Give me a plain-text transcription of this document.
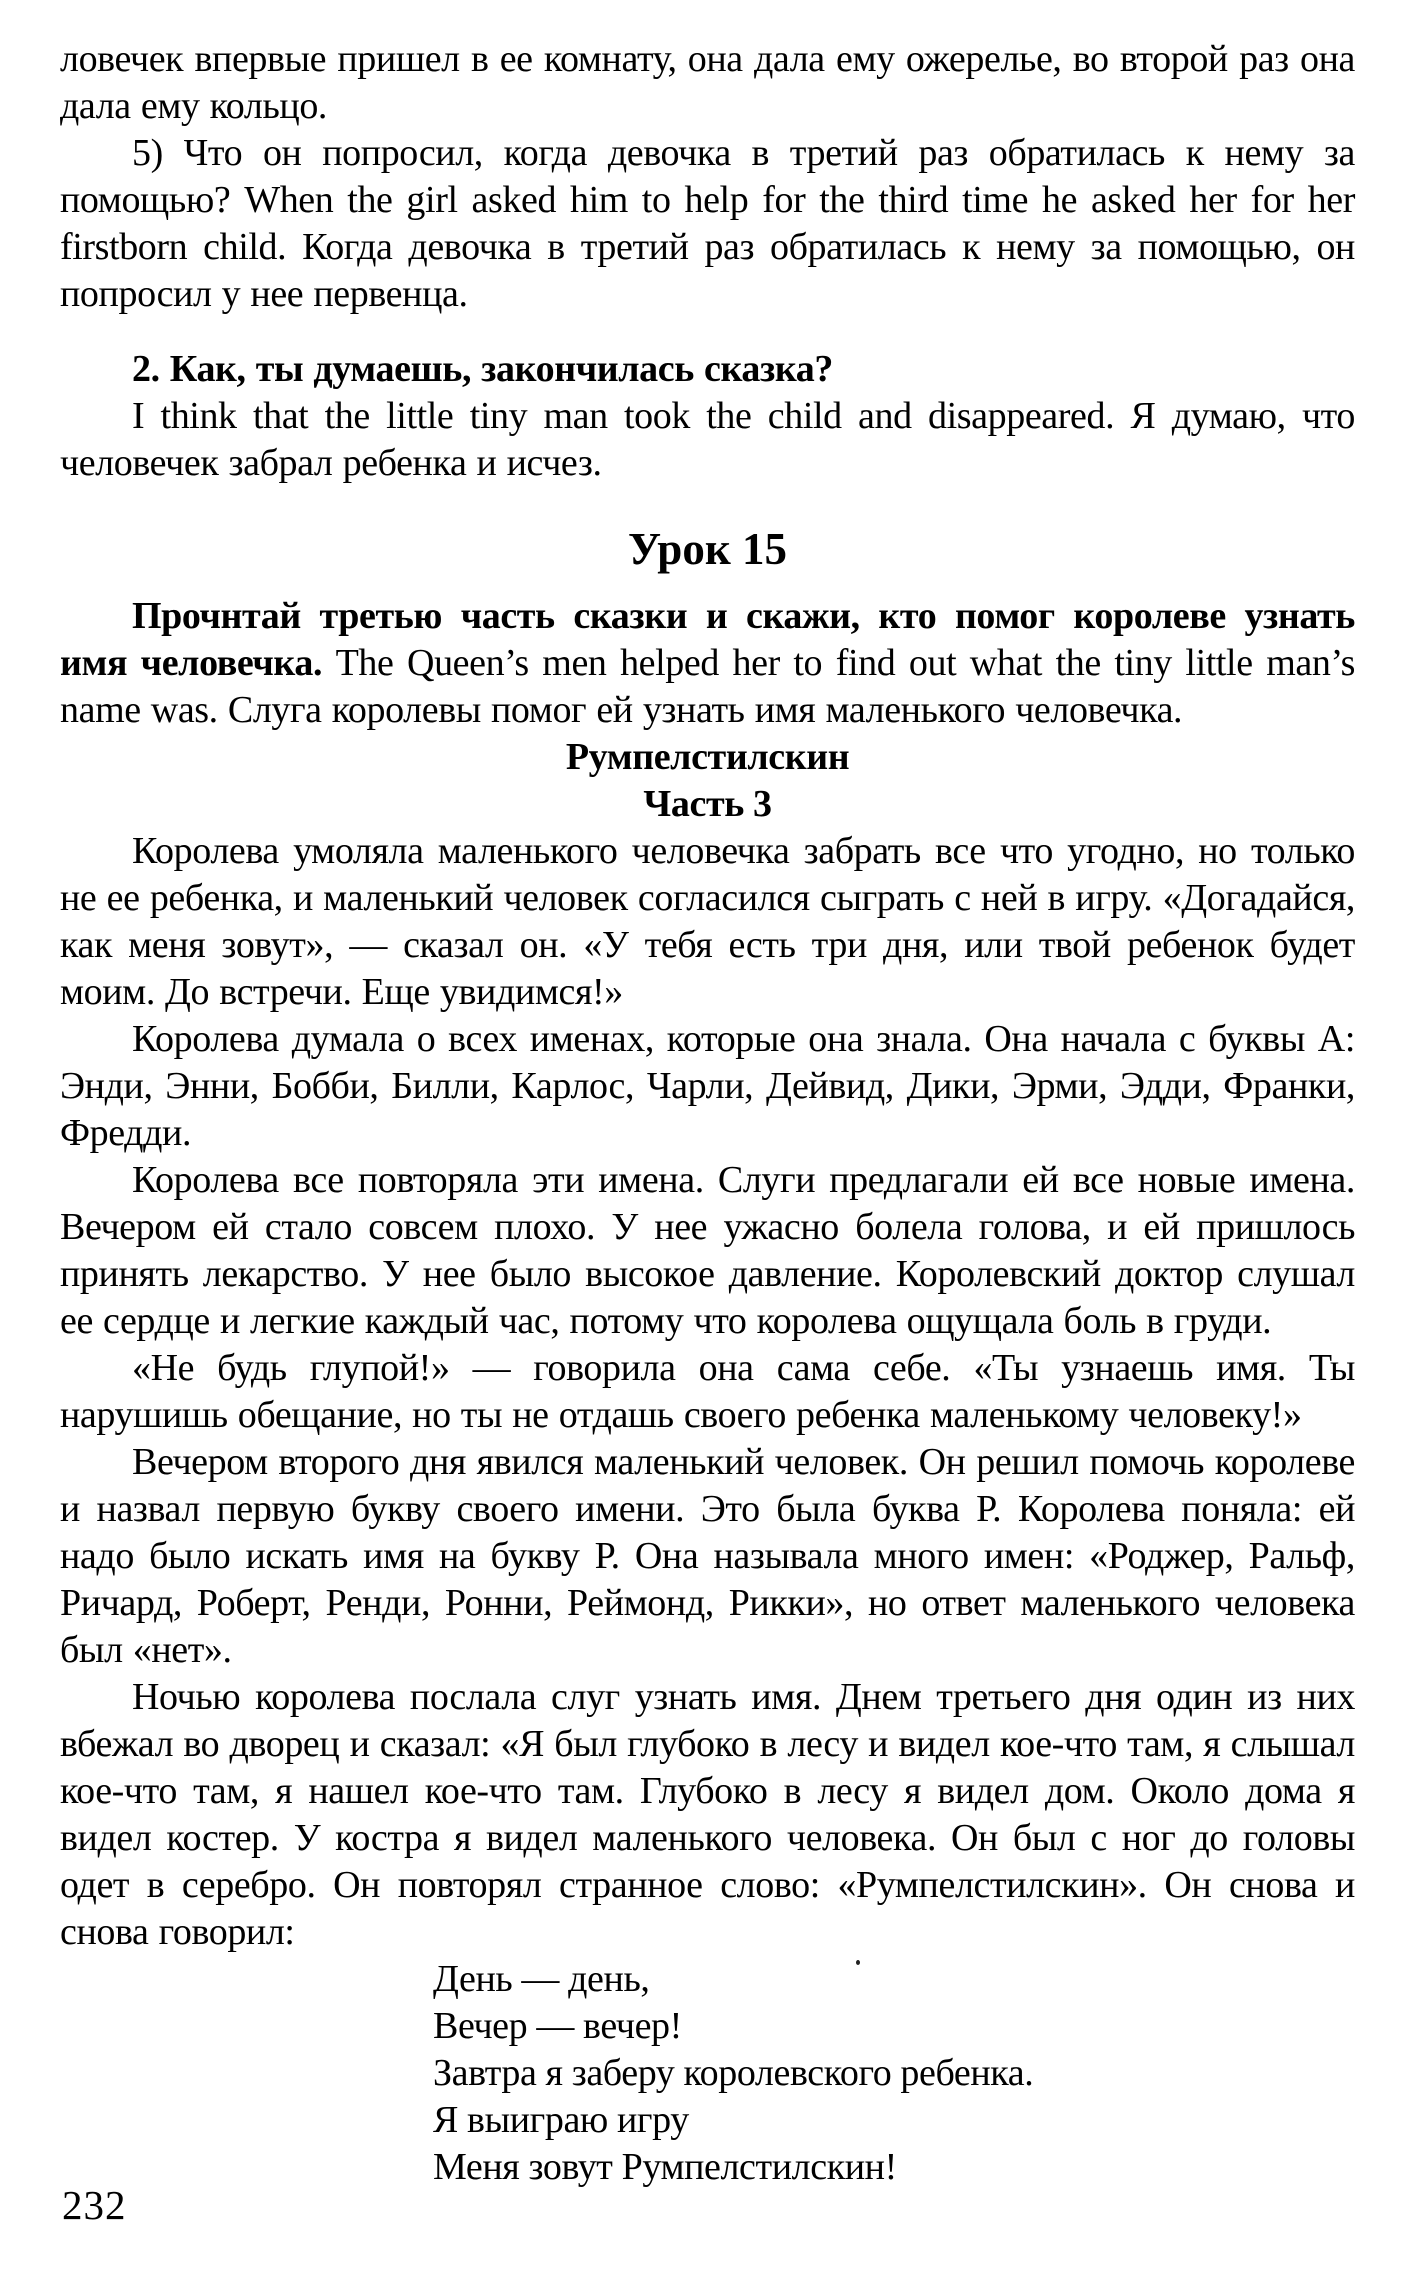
ловечек впервые пришел в ее комнату, она дала ему ожерелье, во второй раз она дала ему кольцо.

5) Что он попросил, когда девочка в третий раз обратилась к нему за помощью? When the girl asked him to help for the third time he asked her for her firstborn child. Когда девочка в третий раз обратилась к нему за помощью, он попросил у нее первенца.

2. Как, ты думаешь, закончилась сказка?

I think that the little tiny man took the child and disappeared. Я думаю, что человечек забрал ребенка и исчез.

Урок 15

Прочнтай третью часть сказки и скажи, кто помог королеве узнать имя человечка. The Queen’s men helped her to find out what the tiny little man’s name was. Слуга королевы помог ей узнать имя маленького человечка.

Румпелстилскин
Часть 3

Королева умоляла маленького человечка забрать все что угодно, но только не ее ребенка, и маленький человек согласился сыграть с ней в игру. «Догадайся, как меня зовут», — сказал он. «У тебя есть три дня, или твой ребенок будет моим. До встречи. Еще увидимся!»

Королева думала о всех именах, которые она знала. Она начала с буквы А: Энди, Энни, Бобби, Билли, Карлос, Чарли, Дейвид, Дики, Эрми, Эдди, Франки, Фредди.

Королева все повторяла эти имена. Слуги предлагали ей все новые имена. Вечером ей стало совсем плохо. У нее ужасно болела голова, и ей пришлось принять лекарство. У нее было высокое давление. Королевский доктор слушал ее сердце и легкие каждый час, потому что королева ощущала боль в груди.

«Не будь глупой!» — говорила она сама себе. «Ты узнаешь имя. Ты нарушишь обещание, но ты не отдашь своего ребенка маленькому человеку!»

Вечером второго дня явился маленький человек. Он решил помочь королеве и назвал первую букву своего имени. Это была буква Р. Королева поняла: ей надо было искать имя на букву Р. Она называла много имен: «Роджер, Ральф, Ричард, Роберт, Ренди, Ронни, Реймонд, Рикки», но ответ маленького человека был «нет».

Ночью королева послала слуг узнать имя. Днем третьего дня один из них вбежал во дворец и сказал: «Я был глубоко в лесу и видел кое-что там, я слышал кое-что там, я нашел кое-что там. Глубоко в лесу я видел дом. Около дома я видел костер. У костра я видел маленького человека. Он был с ног до головы одет в серебро. Он повторял странное слово: «Румпелстилскин». Он снова и снова говорил:

День — день,

Вечер — вечер!

Завтра я заберу королевского ребенка.

Я выиграю игру

Меня зовут Румпелстилскин!

232
